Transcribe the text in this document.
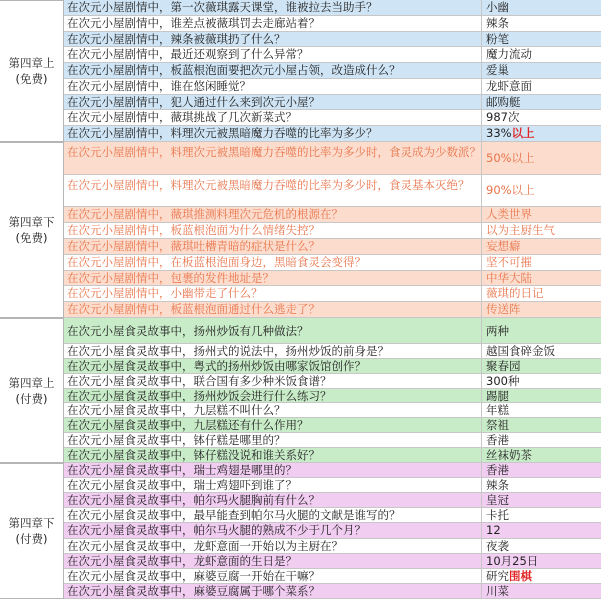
第四章上
(免费)
在次元小屋剧情中，第一次薇琪露天课堂，谁被拉去当助手？	小幽
在次元小屋剧情中，谁差点被薇琪罚去走廊站着？	辣条
在次元小屋剧情中，辣条被薇琪扔了什么？	粉笔
在次元小屋剧情中，最近还观察到了什么异常？	魔力流动
在次元小屋剧情中，板蓝根泡面要把次元小屋占领，改造成什么？	爱巢
在次元小屋剧情中，谁在悠闲睡觉？	龙虾意面
在次元小屋剧情中，犯人通过什么来到次元小屋？	邮购艇
在次元小屋剧情中，薇琪挑战了几次新菜式？	987次
在次元小屋剧情中，料理次元被黑暗魔力吞噬的比率为多少？	33%以上
第四章下
(免费)
在次元小屋剧情中，料理次元被黑暗魔力吞噬的比率为多少时，食灵成为少数派？ 50%以上
在次元小屋剧情中，料理次元被黑暗魔力吞噬的比率为多少时，食灵基本灭绝？	90%以上
在次元小屋剧情中，薇琪推测料理次元危机的根源在？	人类世界
在次元小屋剧情中，板蓝根泡面为什么情绪失控？	以为主厨生气
在次元小屋剧情中，薇琪吐槽青暗的症状是什么？	妄想癖
在次元小屋剧情中，在板蓝根泡面身边，黑暗食灵会变得？	坚不可摧
在次元小屋剧情中，包裹的发件地址是？	中华大陆
在次元小屋剧情中，小幽带走了什么？	薇琪的日记
在次元小屋剧情中，板蓝根泡面通过什么逃走了？	传送阵
第四章上
(付费)
在次元小屋食灵故事中，扬州炒饭有几种做法？	两种
在次元小屋食灵故事中，扬州式的说法中，扬州炒饭的前身是？	越国食碎金饭
在次元小屋食灵故事中，粤式的扬州炒饭由哪家饭馆创作？	聚春园
在次元小屋食灵故事中，联合国有多少种米饭食谱？	300种
在次元小屋食灵故事中，扬州炒饭会进行什么练习？	踢腿
在次元小屋食灵故事中，九层糕不叫什么？	年糕
在次元小屋食灵故事中，九层糕还有什么作用？	祭祖
在次元小屋食灵故事中，钵仔糕是哪里的？	香港
在次元小屋食灵故事中，钵仔糕没说和谁关系好？	丝袜奶茶
第四章下
(付费)
在次元小屋食灵故事中，瑞士鸡翅是哪里的？	香港
在次元小屋食灵故事中，瑞士鸡翅吓到谁了？	辣条
在次元小屋食灵故事中，帕尔玛火腿胸前有什么？	皇冠
在次元小屋食灵故事中，最早能查到帕尔马火腿的文献是谁写的？	卡托
在次元小屋食灵故事中，帕尔马火腿的熟成不少于几个月？	12
在次元小屋食灵故事中，龙虾意面一开始以为主厨在？	夜袭
在次元小屋食灵故事中，龙虾意面的生日是？	10月25日
在次元小屋食灵故事中，麻婆豆腐一开始在干嘛？	研究围棋
在次元小屋食灵故事中，麻婆豆腐属于哪个菜系？	川菜
